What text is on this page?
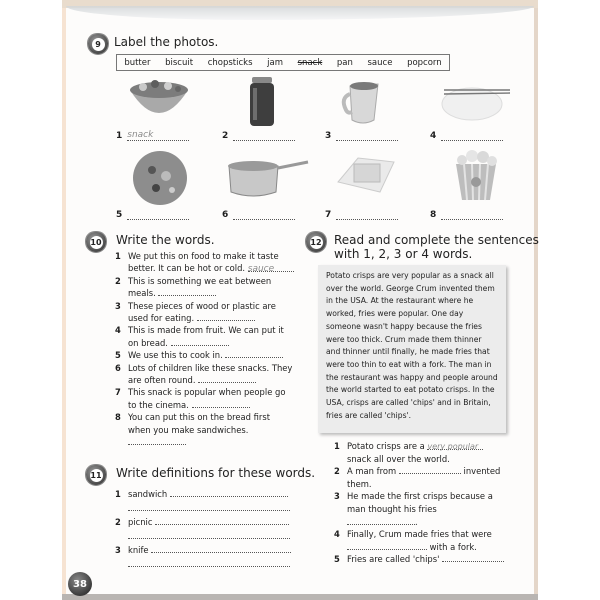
9	Label the photos.
butter biscuit chopsticks jam snack pan sauce popcorn
1 snack	2	3	4
5	6	7	8
10 Write the words.
1 We put this on food to make it taste better. It can be hot or cold. sauce
2 This is something we eat between meals.
3 These pieces of wood or plastic are used for eating.
4 This is made from fruit. We can put it on bread.
5 We use this to cook in.
6 Lots of children like these snacks. They are often round.
7 This snack is popular when people go to the cinema.
8 You can put this on the bread first when you make sandwiches.
11 Write definitions for these words.
1 sandwich
2 picnic
3 knife
12 Read and complete the sentences
with 1, 2, 3 or 4 words.
Potato crisps are very popular as a snack all over the world. George Crum invented them in the USA. At the restaurant where he worked, fries were popular. One day someone wasn't happy because the fries were too thick. Crum made them thinner and thinner until finally, he made fries that were too thin to eat with a fork. The man in the restaurant was happy and people around the world started to eat potato crisps. In the USA, crisps are called 'chips' and in Britain, fries are called 'chips'.
1 Potato crisps are a very popular snack all over the world.
2 A man from	invented them.
3 He made the first crisps because a man thought his fries .
4 Finally, Crum made fries that were  with a fork.
5 Fries are called 'chips'
38
